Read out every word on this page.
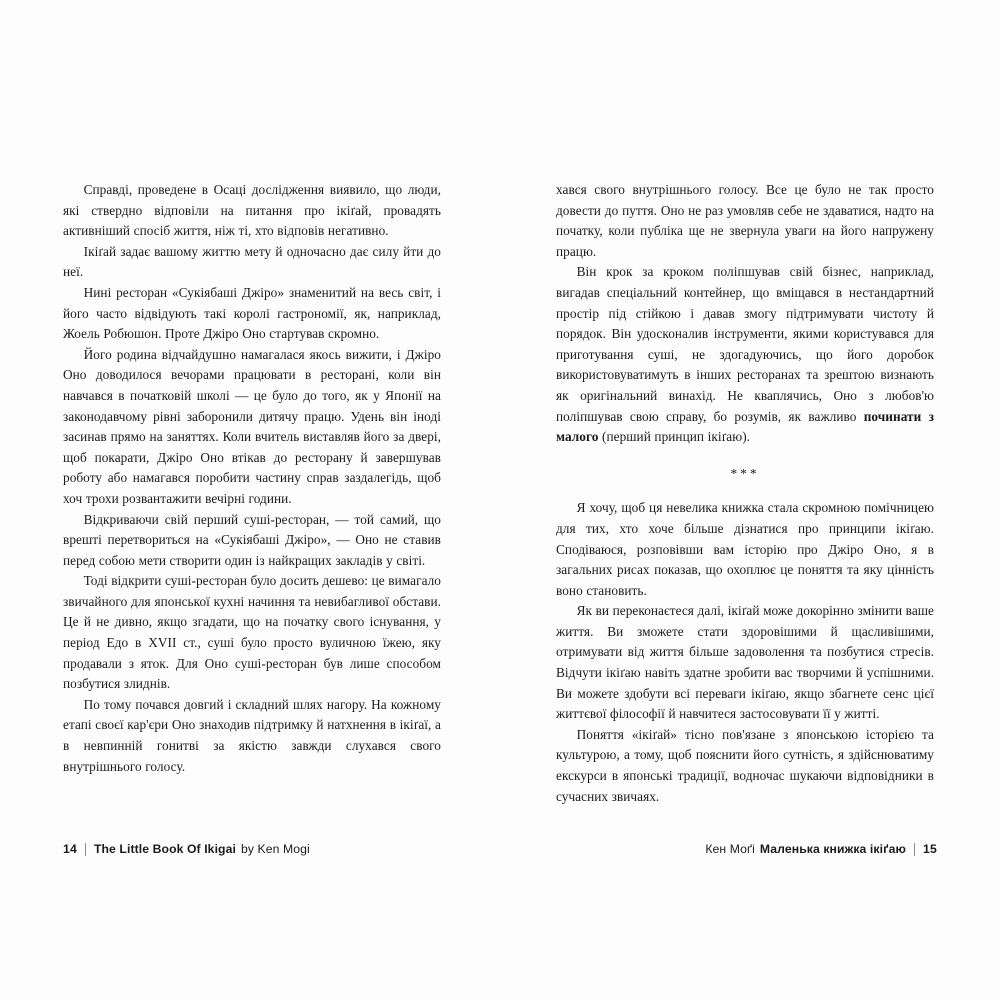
Справді, проведене в Осаці дослідження виявило, що люди, які ствердно відповіли на питання про ікіґай, провадять активніший спосіб життя, ніж ті, хто відповів негативно.

Ікіґай задає вашому життю мету й одночасно дає силу йти до неї.

Нині ресторан «Сукіябаші Джіро» знаменитий на весь світ, і його часто відвідують такі королі гастрономії, як, наприклад, Жоель Робюшон. Проте Джіро Оно стартував скромно.

Його родина відчайдушно намагалася якось вижити, і Джіро Оно доводилося вечорами працювати в ресторані, коли він навчався в початковій школі — це було до того, як у Японії на законодавчому рівні заборонили дитячу працю. Удень він іноді засинав прямо на заняттях. Коли вчитель виставляв його за двері, щоб покарати, Джіро Оно втікав до ресторану й завершував роботу або намагався поробити частину справ заздалегідь, щоб хоч трохи розвантажити вечірні години.

Відкриваючи свій перший суші-ресторан, — той самий, що врешті перетвориться на «Сукіябаші Джіро», — Оно не ставив перед собою мети створити один із найкращих закладів у світі.

Тоді відкрити суші-ресторан було досить дешево: це вимагало звичайного для японської кухні начиння та невибагливої обстави. Це й не дивно, якщо згадати, що на початку свого існування, у період Едо в XVII ст., суші було просто вуличною їжею, яку продавали з яток. Для Оно суші-ресторан був лише способом позбутися злиднів.

По тому почався довгий і складний шлях нагору. На кожному етапі своєї кар'єри Оно знаходив підтримку й натхнення в ікіґаї, а в невпинній гонитві за якістю завжди слухався свого внутрішнього голосу.

хався свого внутрішнього голосу. Все це було не так просто довести до пуття. Оно не раз умовляв себе не здаватися, надто на початку, коли публіка ще не звернула уваги на його напружену працю.

Він крок за кроком поліпшував свій бізнес, наприклад, вигадав спеціальний контейнер, що вміщався в нестандартний простір під стійкою і давав змогу підтримувати чистоту й порядок. Він удосконалив інструменти, якими користувався для приготування суші, не здогадуючись, що його доробок використовуватимуть в інших ресторанах та зрештою визнають як оригінальний винахід. Не кваплячись, Оно з любов'ю поліпшував свою справу, бо розумів, як важливо починати з малого (перший принцип ікіґаю).

***

Я хочу, щоб ця невелика книжка стала скромною помічницею для тих, хто хоче більше дізнатися про принципи ікіґаю. Сподіваюся, розповівши вам історію про Джіро Оно, я в загальних рисах показав, що охоплює це поняття та яку цінність воно становить.

Як ви переконаєтеся далі, ікіґай може докорінно змінити ваше життя. Ви зможете стати здоровішими й щасливішими, отримувати від життя більше задоволення та позбутися стресів. Відчути ікіґаю навіть здатне зробити вас творчими й успішними. Ви можете здобути всі переваги ікіґаю, якщо збагнете сенс цієї життєвої філософії й навчитеся застосовувати її у житті.

Поняття «ікіґай» тісно пов'язане з японською історією та культурою, а тому, щоб пояснити його сутність, я здійснюватиму екскурси в японські традиції, водночас шукаючи відповідники в сучасних звичаях.

14 The Little Book Of Ikigai by Ken Mogi	Кен Моґі Маленька книжка ікіґаю 15
